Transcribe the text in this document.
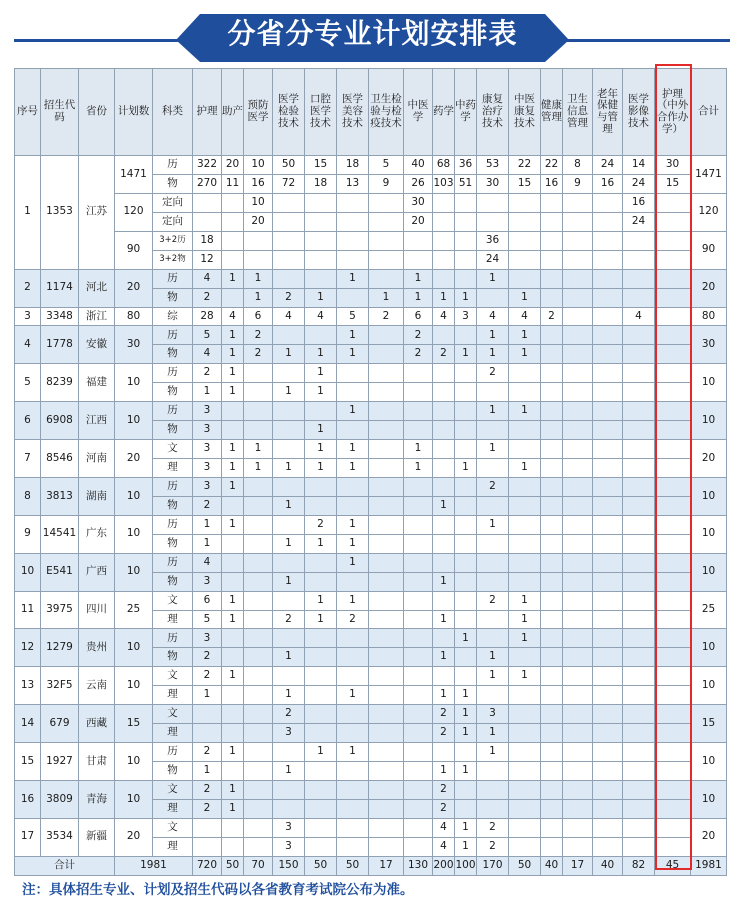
分省分专业计划安排表
序号	招生代码	省份	计划数	科类	护理	助产	预防医学	医学检验技术	口腔医学技术	医学美容技术	卫生检验与检疫技术	中医学	药学	中药学	康复治疗技术	中医康复技术	健康管理	卫生信息管理	老年保健与管理	医学影像技术	护理（中外合作办学）	合计
1	1353	江苏	1471	历	322	20	10	50	15	18	5	40	68	36	53	22	22	8	24	14	30	1471
				物	270	11	16	72	18	13	9	26	103	51	30	15	16	9	16	24	15	
			120	定向			10					30								16		120
				定向			20					20								24		
			90	3+2历	18										36							90
				3+2物	12										24							
2	1174	河北	20	历	4	1	1			1		1			1							20
				物	2		1	2	1		1	1	1	1		1						
3	3348	浙江	80	综	28	4	6	4	4	5	2	6	4	3	4	4	2			4		80
4	1778	安徽	30	历	5	1	2			1		2			1	1						30
				物	4	1	2	1	1	1		2	2	1	1	1						
5	8239	福建	10	历	2	1			1						2							10
				物	1	1		1	1													
6	6908	江西	10	历	3					1					1	1						10
				物	3				1													
7	8546	河南	20	文	3	1	1		1	1		1			1							20
				理	3	1	1	1	1	1		1		1		1						
8	3813	湖南	10	历	3	1									2							10
				物	2			1					1									
9	14541	广东	10	历	1	1			2	1					1							10
				物	1			1	1	1												
10	E541	广西	10	历	4					1												10
				物	3			1					1									
11	3975	四川	25	文	6	1			1	1					2	1						25
				理	5	1		2	1	2			1			1						
12	1279	贵州	10	历	3									1		1						10
				物	2			1					1		1							
13	32F5	云南	10	文	2	1									1	1						10
				理	1			1		1			1	1								
14	679	西藏	15	文				2					2	1	3							15
				理				3					2	1	1							
15	1927	甘肃	10	历	2	1			1	1					1							10
				物	1			1					1	1								
16	3809	青海	10	文	2	1							2									10
				理	2	1							2									
17	3534	新疆	20	文				3					4	1	2							20
				理				3					4	1	2							
合计			1981		720	50	70	150	50	50	17	130	200	100	170	50	40	17	40	82	45	1981
注：具体招生专业、计划及招生代码以各省教育考试院公布为准。
